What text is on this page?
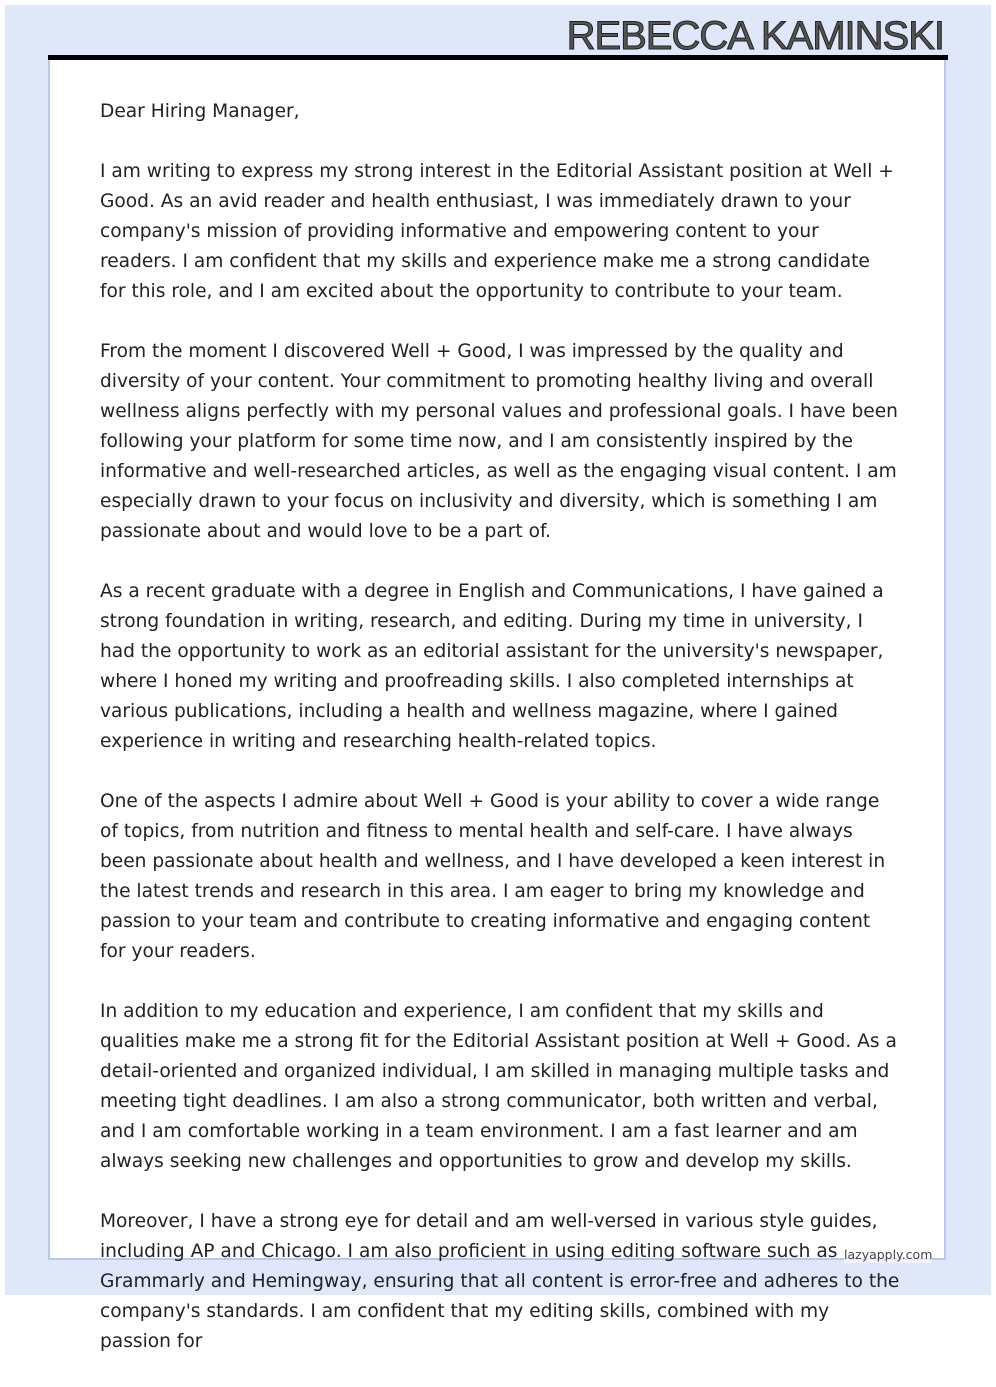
REBECCA KAMINSKI

Dear Hiring Manager,

I am writing to express my strong interest in the Editorial Assistant position at Well + Good. As an avid reader and health enthusiast, I was immediately drawn to your company's mission of providing informative and empowering content to your readers. I am confident that my skills and experience make me a strong candidate for this role, and I am excited about the opportunity to contribute to your team.

From the moment I discovered Well + Good, I was impressed by the quality and diversity of your content. Your commitment to promoting healthy living and overall wellness aligns perfectly with my personal values and professional goals. I have been following your platform for some time now, and I am consistently inspired by the informative and well-researched articles, as well as the engaging visual content. I am especially drawn to your focus on inclusivity and diversity, which is something I am passionate about and would love to be a part of.

As a recent graduate with a degree in English and Communications, I have gained a strong foundation in writing, research, and editing. During my time in university, I had the opportunity to work as an editorial assistant for the university's newspaper, where I honed my writing and proofreading skills. I also completed internships at various publications, including a health and wellness magazine, where I gained experience in writing and researching health-related topics.

One of the aspects I admire about Well + Good is your ability to cover a wide range of topics, from nutrition and fitness to mental health and self-care. I have always been passionate about health and wellness, and I have developed a keen interest in the latest trends and research in this area. I am eager to bring my knowledge and passion to your team and contribute to creating informative and engaging content for your readers.

In addition to my education and experience, I am confident that my skills and qualities make me a strong fit for the Editorial Assistant position at Well + Good. As a detail-oriented and organized individual, I am skilled in managing multiple tasks and meeting tight deadlines. I am also a strong communicator, both written and verbal, and I am comfortable working in a team environment. I am a fast learner and am always seeking new challenges and opportunities to grow and develop my skills.

Moreover, I have a strong eye for detail and am well-versed in various style guides, including AP and Chicago. I am also proficient in using editing software such as Grammarly and Hemingway, ensuring that all content is error-free and adheres to the company's standards. I am confident that my editing skills, combined with my passion for

lazyapply.com
